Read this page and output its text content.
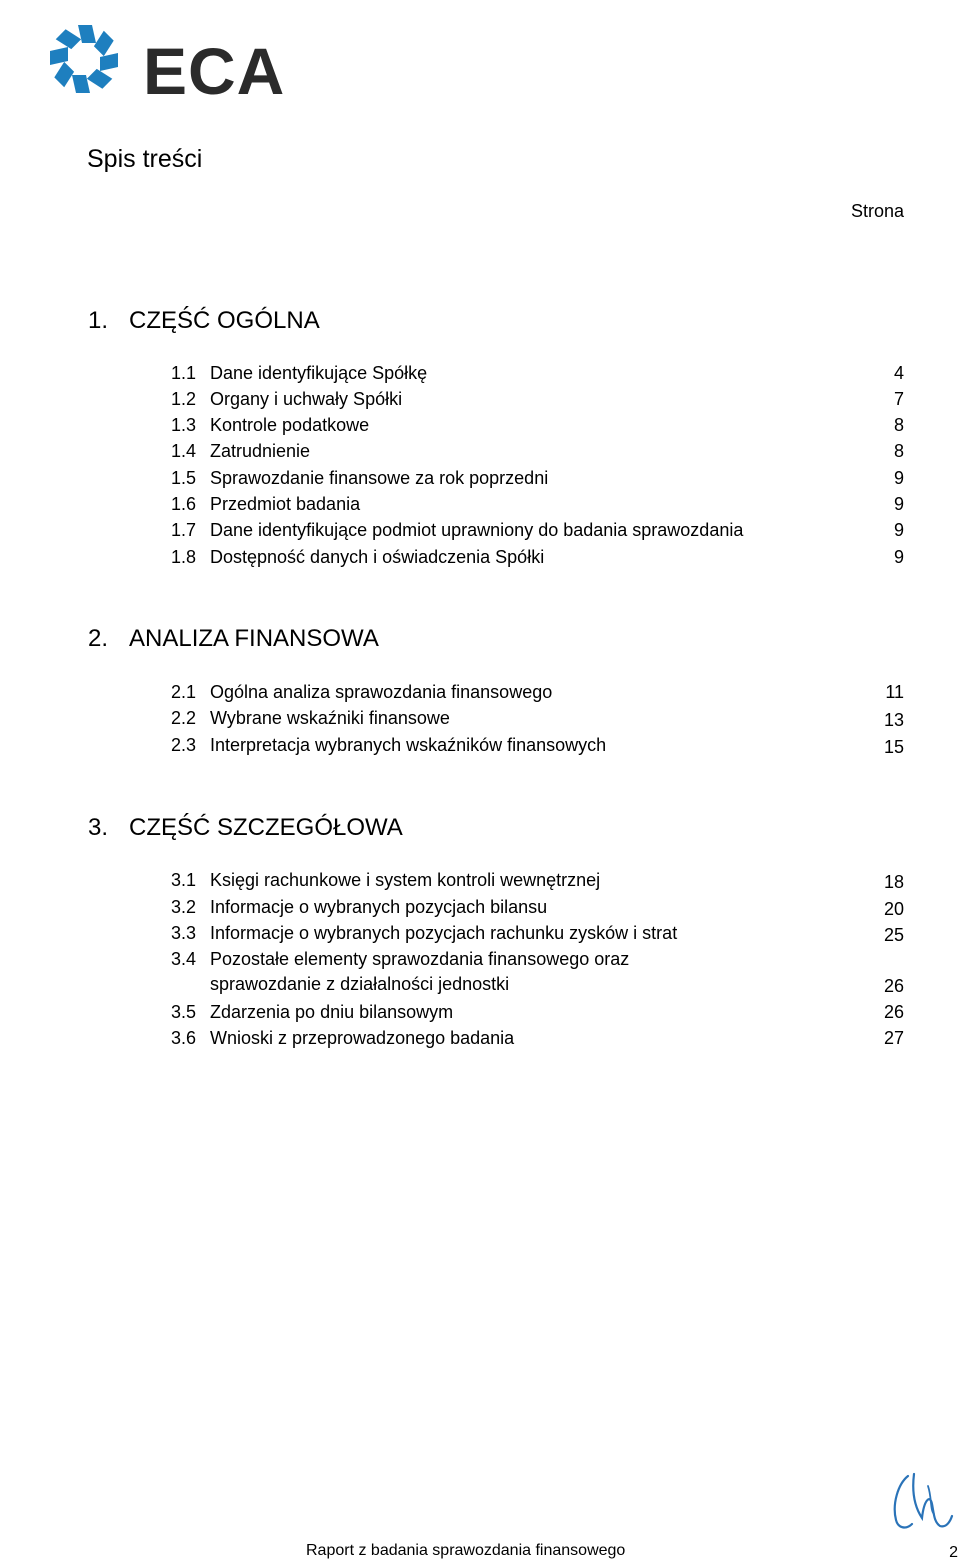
ECA
Spis treści
Strona
1. CZĘŚĆ OGÓLNA
1.1 Dane identyfikujące Spółkę	4
1.2 Organy i uchwały Spółki	7
1.3 Kontrole podatkowe	8
1.4 Zatrudnienie	8
1.5 Sprawozdanie finansowe za rok poprzedni	9
1.6 Przedmiot badania	9
1.7 Dane identyfikujące podmiot uprawniony do badania sprawozdania	9
1.8 Dostępność danych i oświadczenia Spółki	9
2. ANALIZA FINANSOWA
2.1 Ogólna analiza sprawozdania finansowego	11
2.2 Wybrane wskaźniki finansowe	13
2.3 Interpretacja wybranych wskaźników finansowych	15
3. CZĘŚĆ SZCZEGÓŁOWA
3.1 Księgi rachunkowe i system kontroli wewnętrznej	18
3.2 Informacje o wybranych pozycjach bilansu	20
3.3 Informacje o wybranych pozycjach rachunku zysków i strat	25
3.4 Pozostałe elementy sprawozdania finansowego oraz
sprawozdanie z działalności jednostki	26
3.5 Zdarzenia po dniu bilansowym	26
3.6 Wnioski z przeprowadzonego badania	27
Raport z badania sprawozdania finansowego	2
